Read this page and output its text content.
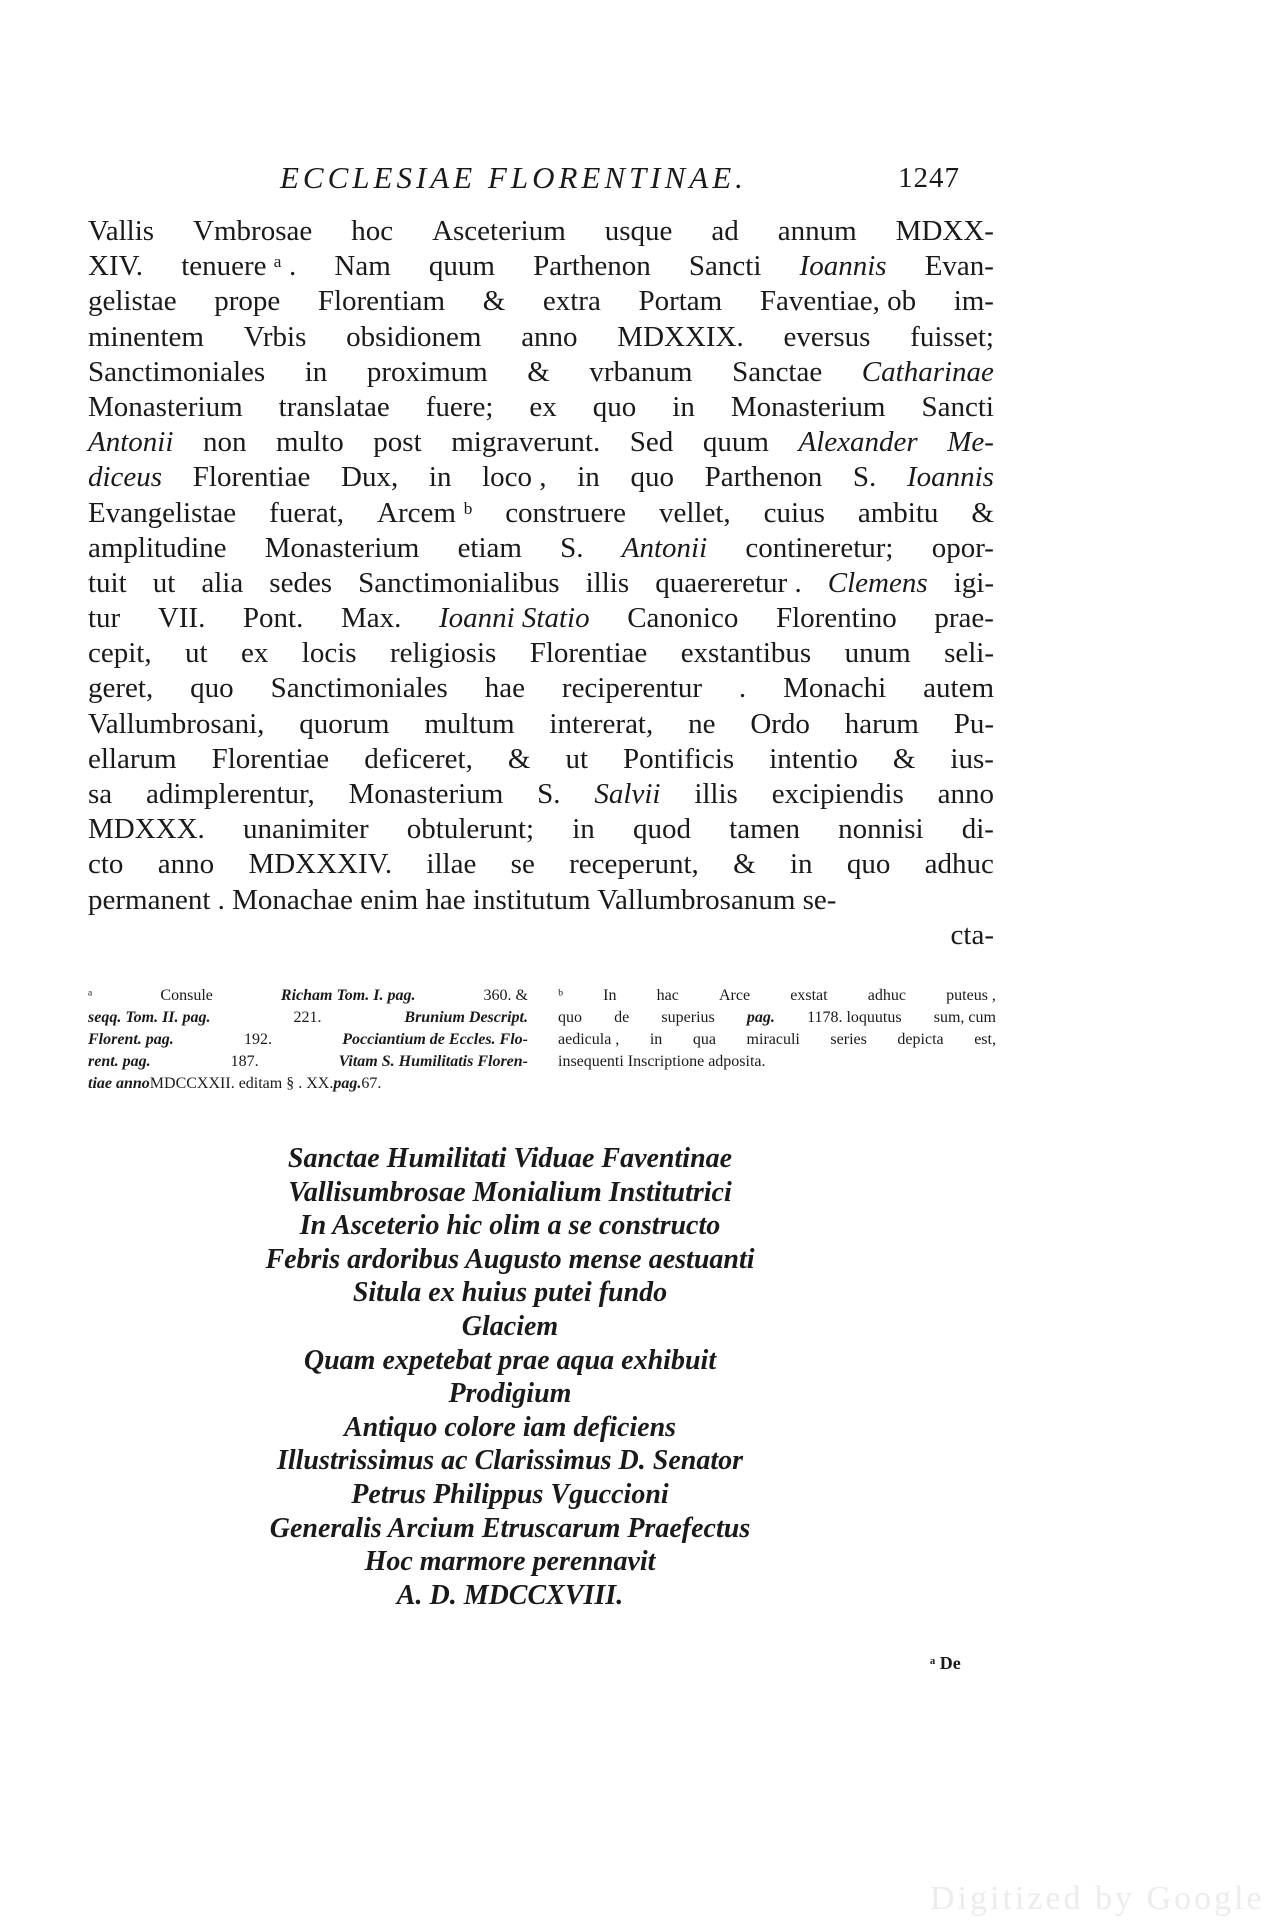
ECCLESIAE FLORENTINAE.	1247
Vallis Vmbrosae hoc Asceterium usque ad annum MDXX-
XIV. tenuere ᵃ . Nam quum Parthenon Sancti Ioannis Evan-
gelistae prope Florentiam & extra Portam Faventiae, ob im-
minentem Vrbis obsidionem anno MDXXIX. eversus fuisset;
Sanctimoniales in proximum & vrbanum Sanctae Catharinae
Monasterium translatae fuere; ex quo in Monasterium Sancti
Antonii non multo post migraverunt. Sed quum Alexander Me-
diceus Florentiae Dux, in loco , in quo Parthenon S. Ioannis
Evangelistae fuerat, Arcem ᵇ construere vellet, cuius ambitu &
amplitudine Monasterium etiam S. Antonii contineretur; opor-
tuit ut alia sedes Sanctimonialibus illis quaereretur . Clemens igi-
tur VII. Pont. Max. Ioanni Statio Canonico Florentino prae-
cepit, ut ex locis religiosis Florentiae exstantibus unum seli-
geret, quo Sanctimoniales hae reciperentur . Monachi autem
Vallumbrosani, quorum multum intererat, ne Ordo harum Pu-
ellarum Florentiae deficeret, & ut Pontificis intentio & ius-
sa adimplerentur, Monasterium S. Salvii illis excipiendis anno
MDXXX. unanimiter obtulerunt; in quod tamen nonnisi di-
cto anno MDXXXIV. illae se receperunt, & in quo adhuc
permanent . Monachae enim hae institutum Vallumbrosanum se-
cta-
ᵃ	Consule	Richam Tom. I. pag.	360. &
seqq. Tom. II. pag.	221.	Brunium Descript.
Florent. pag.	192.	Pocciantium de Eccles. Flo-
rent. pag.	187.	Vitam S. Humilitatis Floren-
tiae anno MDCCXXII. editam § . XX. pag. 67.
ᵇ	In	hac	Arce	exstat	adhuc	puteus ,
quo de superius pag. 1178. loquutus sum, cum
aedicula , in qua miraculi series depicta est,
insequenti Inscriptione adposita.
Sanctae Humilitati Viduae Faventinae
Vallisumbrosae Monialium Institutrici
In Asceterio hic olim a se constructo
Febris ardoribus Augusto mense aestuanti
Situla ex huius putei fundo
Glaciem
Quam expetebat prae aqua exhibuit
Prodigium
Antiquo colore iam deficiens
Illustrissimus ac Clarissimus D. Senator
Petrus Philippus Vguccioni
Generalis Arcium Etruscarum Praefectus
Hoc marmore perennavit
A. D. MDCCXVIII.
ᵃ De
Digitized by Google
